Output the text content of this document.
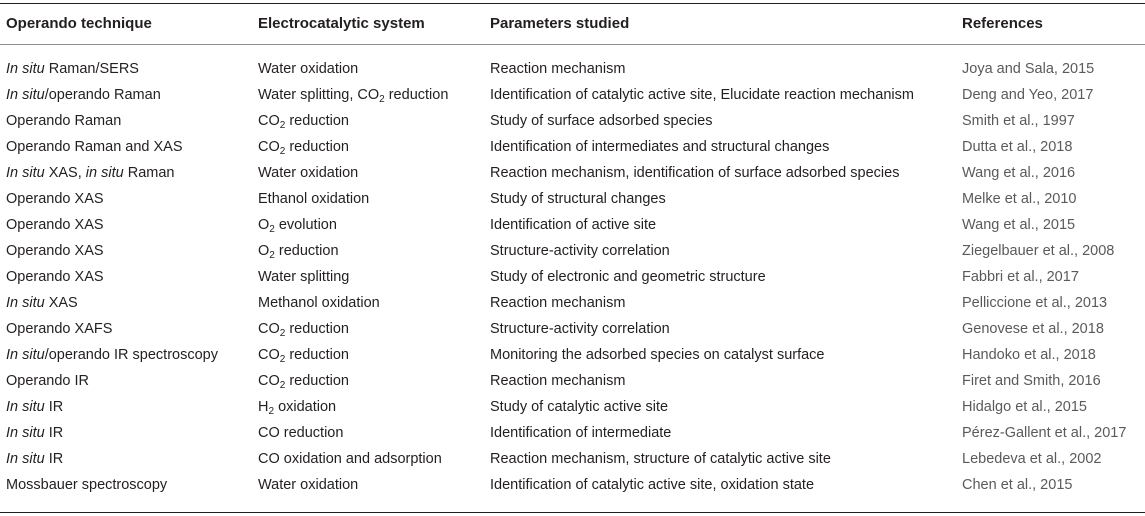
Operando technique	Electrocatalytic system	Parameters studied	References
In situ Raman/SERS	Water oxidation	Reaction mechanism	Joya and Sala, 2015
In situ/operando Raman	Water splitting, $CO_2$ reduction	Identification of catalytic active site, Elucidate reaction mechanism	Deng and Yeo, 2017
Operando Raman	$CO_2$ reduction	Study of surface adsorbed species	Smith et al., 1997
Operando Raman and XAS	$CO_2$ reduction	Identification of intermediates and structural changes	Dutta et al., 2018
In situ XAS, in situ Raman	Water oxidation	Reaction mechanism, identification of surface adsorbed species	Wang et al., 2016
Operando XAS	Ethanol oxidation	Study of structural changes	Melke et al., 2010
Operando XAS	$O_2$ evolution	Identification of active site	Wang et al., 2015
Operando XAS	$O_2$ reduction	Structure-activity correlation	Ziegelbauer et al., 2008
Operando XAS	Water splitting	Study of electronic and geometric structure	Fabbri et al., 2017
In situ XAS	Methanol oxidation	Reaction mechanism	Pelliccione et al., 2013
Operando XAFS	$CO_2$ reduction	Structure-activity correlation	Genovese et al., 2018
In situ/operando IR spectroscopy	$CO_2$ reduction	Monitoring the adsorbed species on catalyst surface	Handoko et al., 2018
Operando IR	$CO_2$ reduction	Reaction mechanism	Firet and Smith, 2016
In situ IR	$H_2$ oxidation	Study of catalytic active site	Hidalgo et al., 2015
In situ IR	CO reduction	Identification of intermediate	Pérez-Gallent et al., 2017
In situ IR	CO oxidation and adsorption	Reaction mechanism, structure of catalytic active site	Lebedeva et al., 2002
Mossbauer spectroscopy	Water oxidation	Identification of catalytic active site, oxidation state	Chen et al., 2015
